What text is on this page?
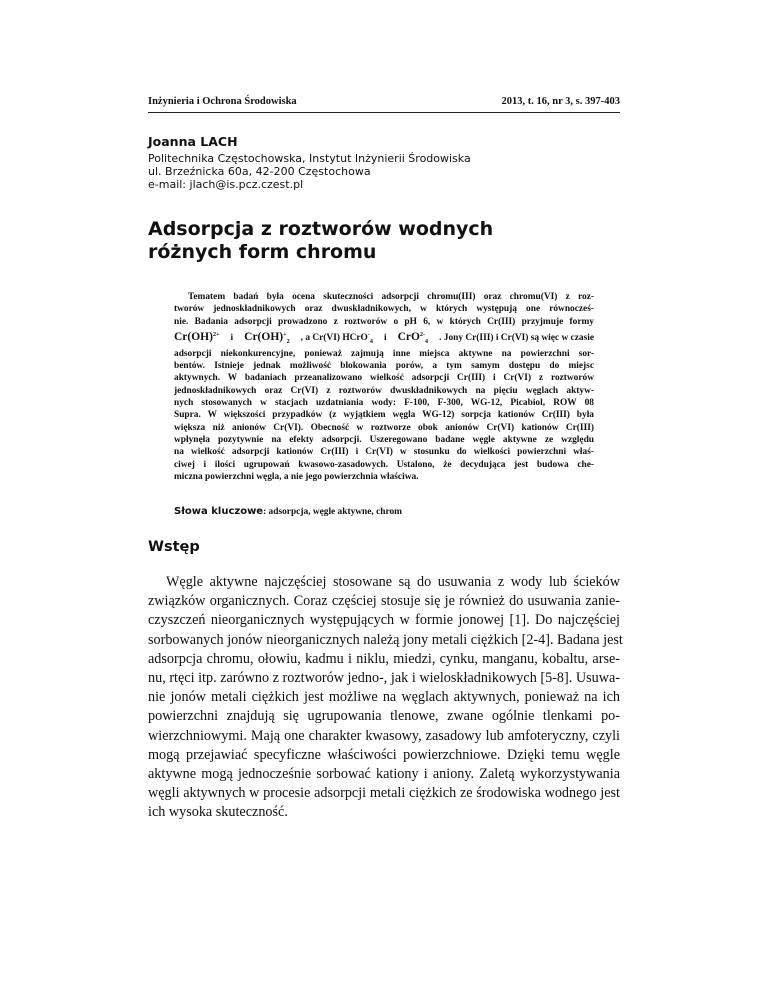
Inżynieria i Ochrona Środowiska	2013, t. 16, nr 3, s. 397-403
Joanna LACH
Politechnika Częstochowska, Instytut Inżynierii Środowiska
ul. Brzeźnicka 60a, 42-200 Częstochowa
e-mail: jlach@is.pcz.czest.pl
Adsorpcja z roztworów wodnych
różnych form chromu
Tematem badań była ocena skuteczności adsorpcji chromu(III) oraz chromu(VI) z roz-
tworów jednoskładnikowych oraz dwuskładnikowych, w których występują one równocześ-
nie. Badania adsorpcji prowadzono z roztworów o pH 6, w których Cr(III) przyjmuje formy
Cr(OH)$^{2+}$ i $Cr(OH)^+_2$ , a Cr(VI) HCrO-$_4$ i CrO$^{2-}_4$ . Jony Cr(III) i Cr(VI) są więc w czasie
adsorpcji niekonkurencyjne, ponieważ zajmują inne miejsca aktywne na powierzchni sor-
bentów. Istnieje jednak możliwość blokowania porów, a tym samym dostępu do miejsc
aktywnych. W badaniach przeanalizowano wielkość adsorpcji Cr(III) i Cr(VI) z roztworów
jednoskładnikowych oraz Cr(VI) z roztworów dwuskładnikowych na pięciu węglach aktyw-
nych stosowanych w stacjach uzdatniania wody: F-100, F-300, WG-12, Picabiol, ROW 08
Supra. W większości przypadków (z wyjątkiem węgla WG-12) sorpcja kationów Cr(III) była
większa niż anionów Cr(VI). Obecność w roztworze obok anionów Cr(VI) kationów Cr(III)
wpłynęła pozytywnie na efekty adsorpcji. Uszeregowano badane węgle aktywne ze względu
na wielkość adsorpcji kationów Cr(III) i Cr(VI) w stosunku do wielkości powierzchni właś-
ciwej i ilości ugrupowań kwasowo-zasadowych. Ustalono, że decydująca jest budowa che-
miczna powierzchni węgla, a nie jego powierzchnia właściwa.
Słowa kluczowe: adsorpcja, węgle aktywne, chrom
Wstęp
Węgle aktywne najczęściej stosowane są do usuwania z wody lub ścieków
związków organicznych. Coraz częściej stosuje się je również do usuwania zanie-
czyszczeń nieorganicznych występujących w formie jonowej [1]. Do najczęściej
sorbowanych jonów nieorganicznych należą jony metali ciężkich [2-4]. Badana jest
adsorpcja chromu, ołowiu, kadmu i niklu, miedzi, cynku, manganu, kobaltu, arse-
nu, rtęci itp. zarówno z roztworów jedno-, jak i wieloskładnikowych [5-8]. Usuwa-
nie jonów metali ciężkich jest możliwe na węglach aktywnych, ponieważ na ich
powierzchni znajdują się ugrupowania tlenowe, zwane ogólnie tlenkami po-
wierzchniowymi. Mają one charakter kwasowy, zasadowy lub amfoteryczny, czyli
mogą przejawiać specyficzne właściwości powierzchniowe. Dzięki temu węgle
aktywne mogą jednocześnie sorbować kationy i aniony. Zaletą wykorzystywania
węgli aktywnych w procesie adsorpcji metali ciężkich ze środowiska wodnego jest
ich wysoka skuteczność.
